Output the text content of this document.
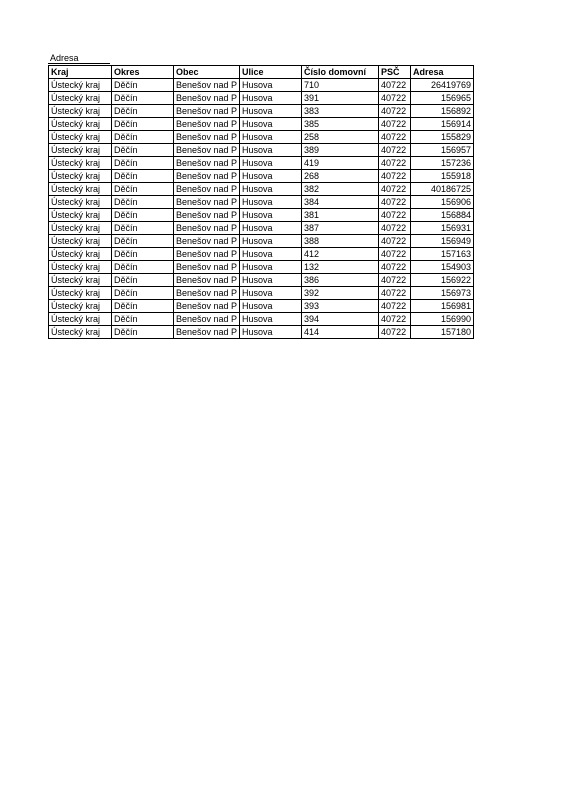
Adresa
Kraj	Okres	Obec	Ulice	Číslo domovní	PSČ	Adresa
Ústecký kraj	Děčín	Benešov nad P	Husova	710	40722	26419769
Ústecký kraj	Děčín	Benešov nad P	Husova	391	40722	156965
Ústecký kraj	Děčín	Benešov nad P	Husova	383	40722	156892
Ústecký kraj	Děčín	Benešov nad P	Husova	385	40722	156914
Ústecký kraj	Děčín	Benešov nad P	Husova	258	40722	155829
Ústecký kraj	Děčín	Benešov nad P	Husova	389	40722	156957
Ústecký kraj	Děčín	Benešov nad P	Husova	419	40722	157236
Ústecký kraj	Děčín	Benešov nad P	Husova	268	40722	155918
Ústecký kraj	Děčín	Benešov nad P	Husova	382	40722	40186725
Ústecký kraj	Děčín	Benešov nad P	Husova	384	40722	156906
Ústecký kraj	Děčín	Benešov nad P	Husova	381	40722	156884
Ústecký kraj	Děčín	Benešov nad P	Husova	387	40722	156931
Ústecký kraj	Děčín	Benešov nad P	Husova	388	40722	156949
Ústecký kraj	Děčín	Benešov nad P	Husova	412	40722	157163
Ústecký kraj	Děčín	Benešov nad P	Husova	132	40722	154903
Ústecký kraj	Děčín	Benešov nad P	Husova	386	40722	156922
Ústecký kraj	Děčín	Benešov nad P	Husova	392	40722	156973
Ústecký kraj	Děčín	Benešov nad P	Husova	393	40722	156981
Ústecký kraj	Děčín	Benešov nad P	Husova	394	40722	156990
Ústecký kraj	Děčín	Benešov nad P	Husova	414	40722	157180
